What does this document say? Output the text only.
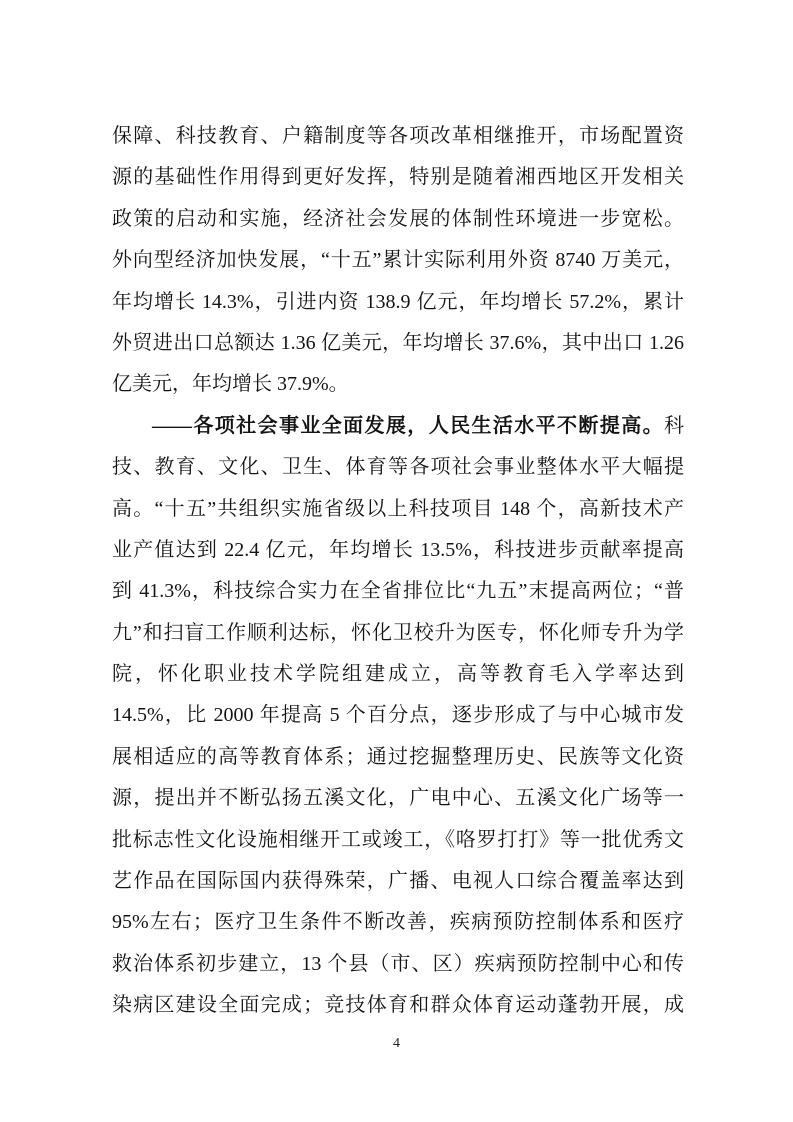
保障、科技教育、户籍制度等各项改革相继推开，市场配置资
源的基础性作用得到更好发挥，特别是随着湘西地区开发相关
政策的启动和实施，经济社会发展的体制性环境进一步宽松。
外向型经济加快发展，“十五”累计实际利用外资 8740 万美元，
年均增长 14.3%，引进内资 138.9 亿元，年均增长 57.2%，累计
外贸进出口总额达 1.36 亿美元，年均增长 37.6%，其中出口 1.26
亿美元，年均增长 37.9%。
——各项社会事业全面发展，人民生活水平不断提高。科
技、教育、文化、卫生、体育等各项社会事业整体水平大幅提
高。“十五”共组织实施省级以上科技项目 148 个，高新技术产
业产值达到 22.4 亿元，年均增长 13.5%，科技进步贡献率提高
到 41.3%，科技综合实力在全省排位比“九五”末提高两位；“普
九”和扫盲工作顺利达标，怀化卫校升为医专，怀化师专升为学
院，怀化职业技术学院组建成立，高等教育毛入学率达到
14.5%，比 2000 年提高 5 个百分点，逐步形成了与中心城市发
展相适应的高等教育体系；通过挖掘整理历史、民族等文化资
源，提出并不断弘扬五溪文化，广电中心、五溪文化广场等一
批标志性文化设施相继开工或竣工，《咯罗打打》等一批优秀文
艺作品在国际国内获得殊荣，广播、电视人口综合覆盖率达到
95%左右；医疗卫生条件不断改善，疾病预防控制体系和医疗
救治体系初步建立，13 个县（市、区）疾病预防控制中心和传
染病区建设全面完成；竞技体育和群众体育运动蓬勃开展，成
4
